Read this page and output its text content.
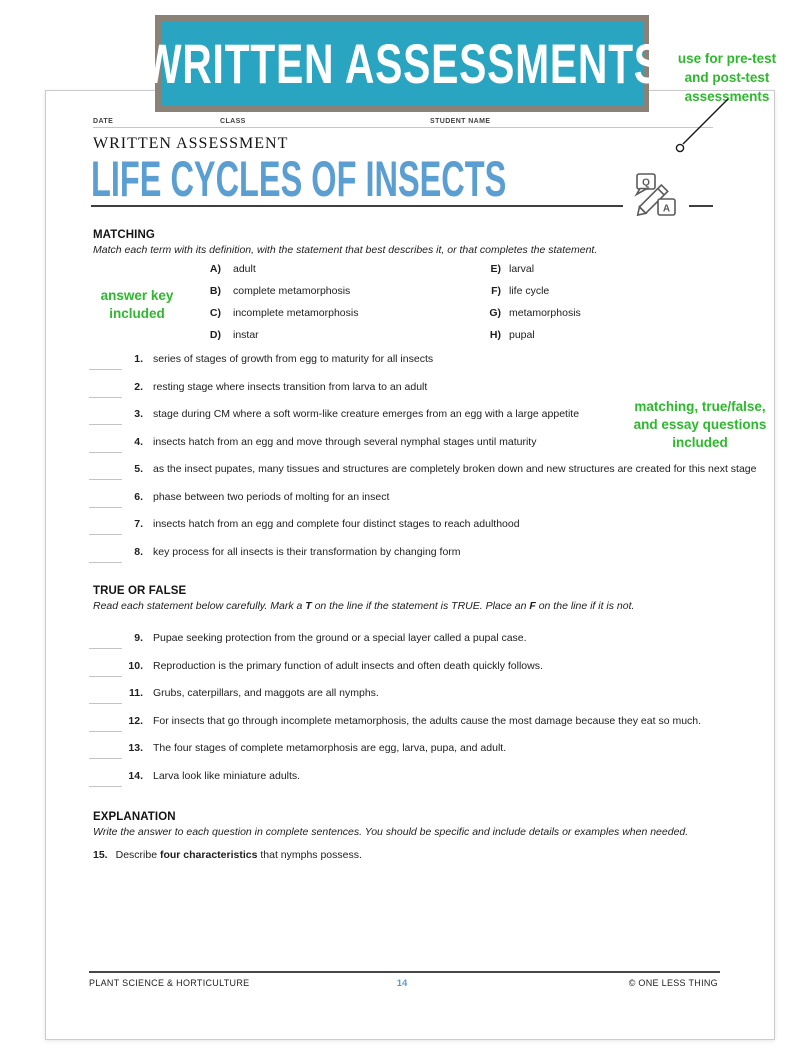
DATE	CLASS	STUDENT NAME
WRITTEN ASSESSMENT
LIFE CYCLES OF INSECTS	Q
A
MATCHING
Match each term with its definition, with the statement that best describes it, or that completes the statement.
A) adult	E) larval
B) complete metamorphosis	F) life cycle
C) incomplete metamorphosis	G) metamorphosis
D) instar	H) pupal
1. series of stages of growth from egg to maturity for all insects
2. resting stage where insects transition from larva to an adult
3. stage during CM where a soft worm-like creature emerges from an egg with a large appetite
4. insects hatch from an egg and move through several nymphal stages until maturity
5. as the insect pupates, many tissues and structures are completely broken down and new structures are created for this next stage
6. phase between two periods of molting for an insect
7. insects hatch from an egg and complete four distinct stages to reach adulthood
8. key process for all insects is their transformation by changing form
TRUE OR FALSE
Read each statement below carefully. Mark a T on the line if the statement is TRUE. Place an F on the line if it is not.
9. Pupae seeking protection from the ground or a special layer called a pupal case.
10. Reproduction is the primary function of adult insects and often death quickly follows.
11. Grubs, caterpillars, and maggots are all nymphs.
12. For insects that go through incomplete metamorphosis, the adults cause the most damage because they eat so much.
13. The four stages of complete metamorphosis are egg, larva, pupa, and adult.
14. Larva look like miniature adults.
EXPLANATION
Write the answer to each question in complete sentences. You should be specific and include details or examples when needed.
15. Describe four characteristics that nymphs possess.
PLANT SCIENCE & HORTICULTURE	14	© ONE LESS THING
WRITTEN ASSESSMENTS	use for pre-test
and post-test
assessments
answer key
included
matching, true/false,
and essay questions
included
